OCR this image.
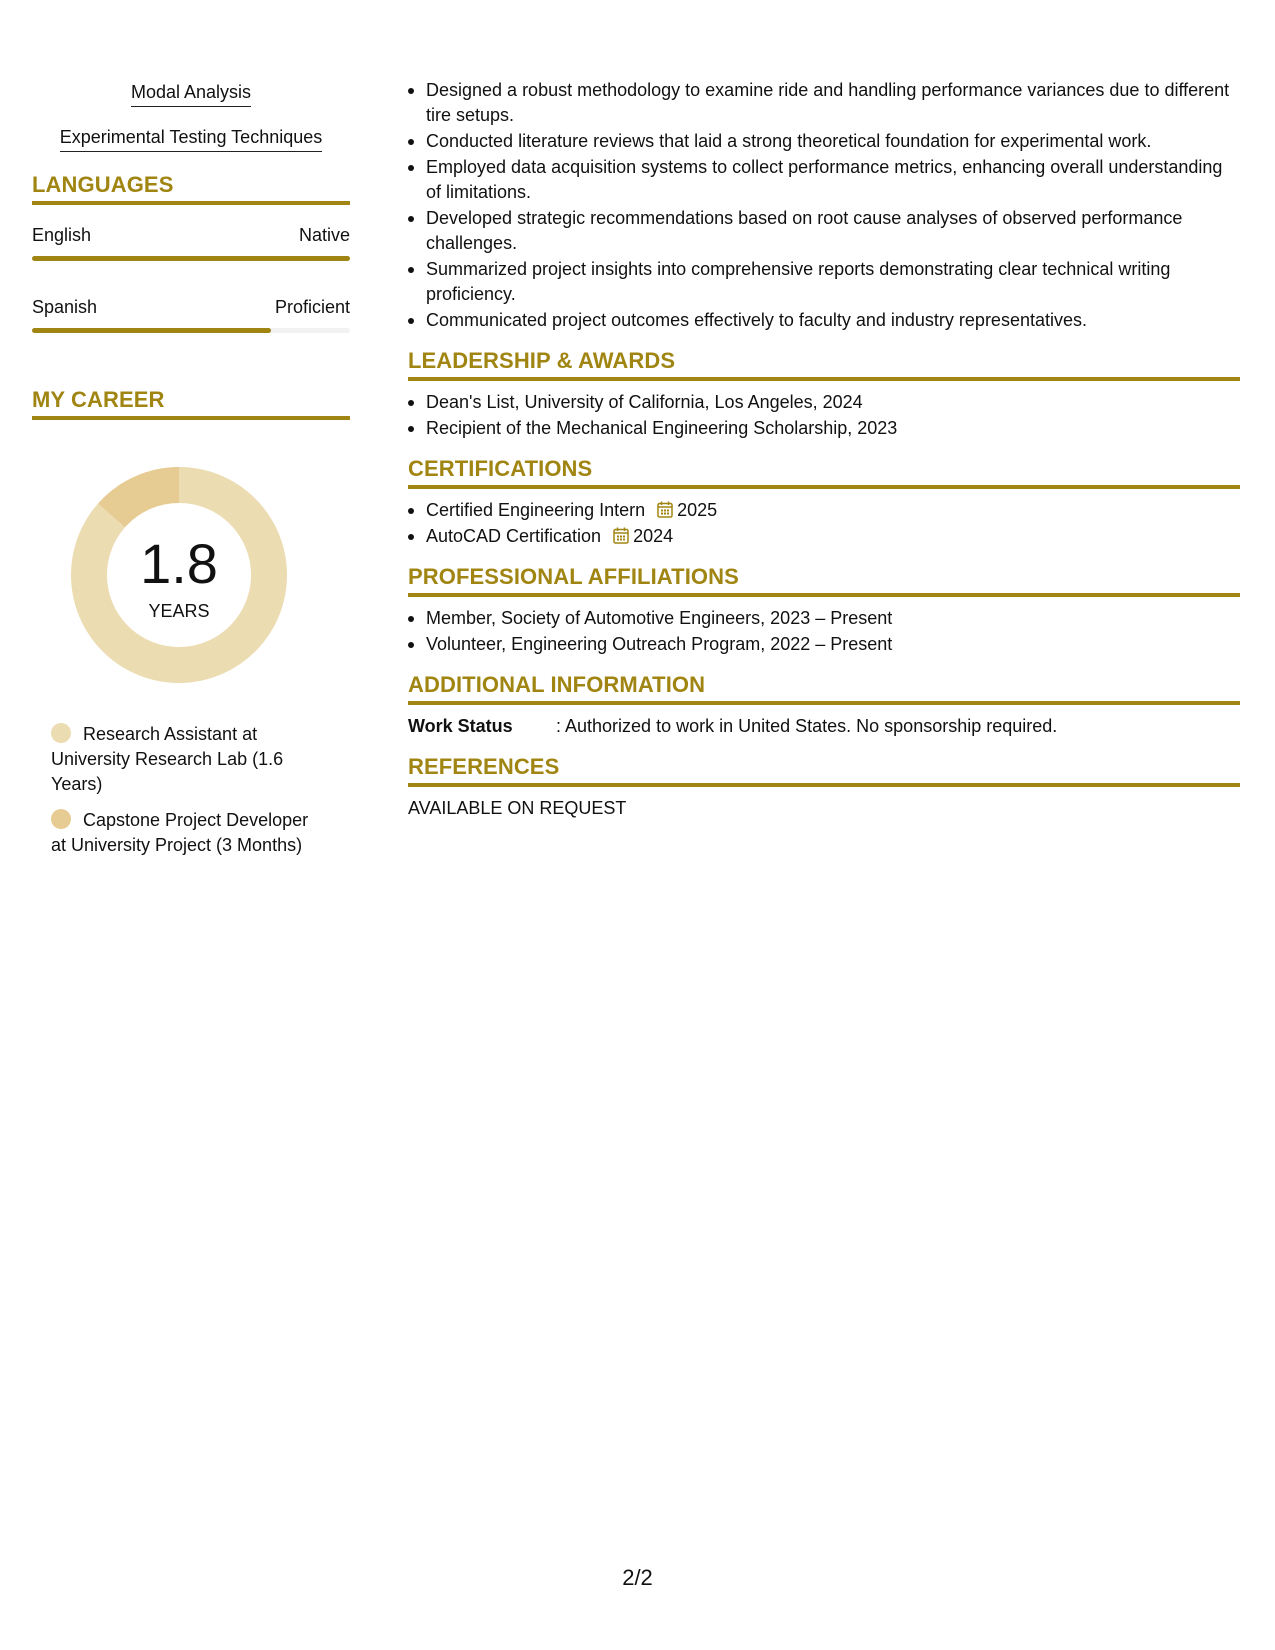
Modal Analysis
Experimental Testing Techniques
LANGUAGES
English	Native
Spanish	Proficient
MY CAREER
1.8
YEARS
Research Assistant at University Research Lab (1.6 Years)
Capstone Project Developer at University Project (3 Months)
Designed a robust methodology to examine ride and handling performance variances due to different tire setups.
Conducted literature reviews that laid a strong theoretical foundation for experimental work.
Employed data acquisition systems to collect performance metrics, enhancing overall understanding of limitations.
Developed strategic recommendations based on root cause analyses of observed performance challenges.
Summarized project insights into comprehensive reports demonstrating clear technical writing proficiency.
Communicated project outcomes effectively to faculty and industry representatives.
LEADERSHIP & AWARDS
Dean's List, University of California, Los Angeles, 2024
Recipient of the Mechanical Engineering Scholarship, 2023
CERTIFICATIONS
Certified Engineering Intern 2025
AutoCAD Certification 2024
PROFESSIONAL AFFILIATIONS
Member, Society of Automotive Engineers, 2023 – Present
Volunteer, Engineering Outreach Program, 2022 – Present
ADDITIONAL INFORMATION
Work Status	: Authorized to work in United States. No sponsorship required.
REFERENCES
AVAILABLE ON REQUEST
2/2
